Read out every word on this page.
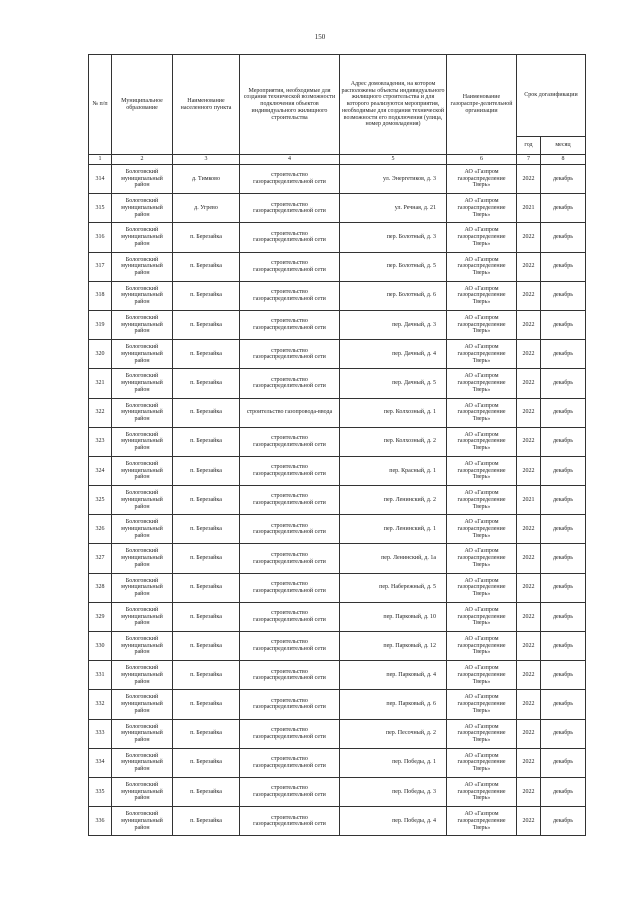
150
№ п/п	Муниципальное образование	Наименование населенного пункта	Мероприятия, необходимые для создания технической возможности подключения объектов индивидуального жилищного строительства	Адрес домовладения, на котором расположены объекты индивидуального жилищного строительства и для которого реализуются мероприятия, необходимые для создания технической возможности его подключения (улица, номер домовладения)	Наименование газораспре-делительной организации	Срок догазификации	
						год	месяц
1	2	3	4	5	6	7	8
314	Бологовский муниципальный район	д. Тимково	строительство газораспределительной сети	ул. Энергетиков, д. 3	АО «Газпром газораспределение Тверь»	2022	декабрь
315	Бологовский муниципальный район	д. Угрево	строительство газораспределительной сети	ул. Речная, д. 21	АО «Газпром газораспределение Тверь»	2021	декабрь
316	Бологовский муниципальный район	п. Березайка	строительство газораспределительной сети	пер. Болотный, д. 3	АО «Газпром газораспределение Тверь»	2022	декабрь
317	Бологовский муниципальный район	п. Березайка	строительство газораспределительной сети	пер. Болотный, д. 5	АО «Газпром газораспределение Тверь»	2022	декабрь
318	Бологовский муниципальный район	п. Березайка	строительство газораспределительной сети	пер. Болотный, д. 6	АО «Газпром газораспределение Тверь»	2022	декабрь
319	Бологовский муниципальный район	п. Березайка	строительство газораспределительной сети	пер. Дачный, д. 3	АО «Газпром газораспределение Тверь»	2022	декабрь
320	Бологовский муниципальный район	п. Березайка	строительство газораспределительной сети	пер. Дачный, д. 4	АО «Газпром газораспределение Тверь»	2022	декабрь
321	Бологовский муниципальный район	п. Березайка	строительство газораспределительной сети	пер. Дачный, д. 5	АО «Газпром газораспределение Тверь»	2022	декабрь
322	Бологовский муниципальный район	п. Березайка	строительство газопровода-ввода	пер. Колхозный, д. 1	АО «Газпром газораспределение Тверь»	2022	декабрь
323	Бологовский муниципальный район	п. Березайка	строительство газораспределительной сети	пер. Колхозный, д. 2	АО «Газпром газораспределение Тверь»	2022	декабрь
324	Бологовский муниципальный район	п. Березайка	строительство газораспределительной сети	пер. Красный, д. 1	АО «Газпром газораспределение Тверь»	2022	декабрь
325	Бологовский муниципальный район	п. Березайка	строительство газораспределительной сети	пер. Ленинский, д. 2	АО «Газпром газораспределение Тверь»	2021	декабрь
326	Бологовский муниципальный район	п. Березайка	строительство газораспределительной сети	пер. Ленинский, д. 1	АО «Газпром газораспределение Тверь»	2022	декабрь
327	Бологовский муниципальный район	п. Березайка	строительство газораспределительной сети	пер. Ленинский, д. 1а	АО «Газпром газораспределение Тверь»	2022	декабрь
328	Бологовский муниципальный район	п. Березайка	строительство газораспределительной сети	пер. Набережный, д. 5	АО «Газпром газораспределение Тверь»	2022	декабрь
329	Бологовский муниципальный район	п. Березайка	строительство газораспределительной сети	пер. Парковый, д. 10	АО «Газпром газораспределение Тверь»	2022	декабрь
330	Бологовский муниципальный район	п. Березайка	строительство газораспределительной сети	пер. Парковый, д. 12	АО «Газпром газораспределение Тверь»	2022	декабрь
331	Бологовский муниципальный район	п. Березайка	строительство газораспределительной сети	пер. Парковый, д. 4	АО «Газпром газораспределение Тверь»	2022	декабрь
332	Бологовский муниципальный район	п. Березайка	строительство газораспределительной сети	пер. Парковый, д. 6	АО «Газпром газораспределение Тверь»	2022	декабрь
333	Бологовский муниципальный район	п. Березайка	строительство газораспределительной сети	пер. Песочный, д. 2	АО «Газпром газораспределение Тверь»	2022	декабрь
334	Бологовский муниципальный район	п. Березайка	строительство газораспределительной сети	пер. Победы, д. 1	АО «Газпром газораспределение Тверь»	2022	декабрь
335	Бологовский муниципальный район	п. Березайка	строительство газораспределительной сети	пер. Победы, д. 3	АО «Газпром газораспределение Тверь»	2022	декабрь
336	Бологовский муниципальный район	п. Березайка	строительство газораспределительной сети	пер. Победы, д. 4	АО «Газпром газораспределение Тверь»	2022	декабрь
